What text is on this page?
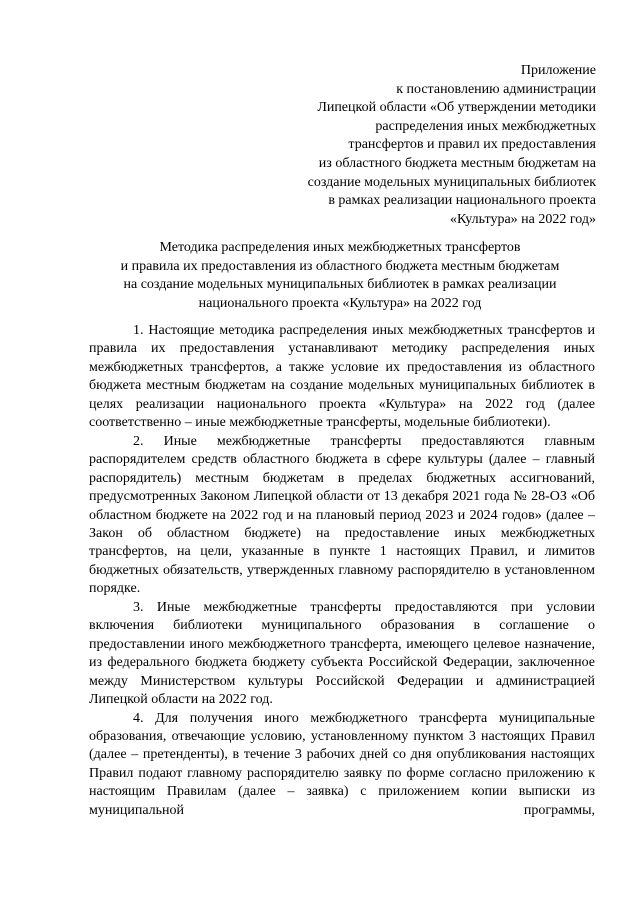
Приложение
к постановлению администрации
Липецкой области «Об утверждении методики
распределения иных межбюджетных
трансфертов и правил их предоставления
из областного бюджета местным бюджетам на
создание модельных муниципальных библиотек
в рамках реализации национального проекта
«Культура» на 2022 год»
Методика распределения иных межбюджетных трансфертов
и правила их предоставления из областного бюджета местным бюджетам
на создание модельных муниципальных библиотек в рамках реализации
национального проекта «Культура» на 2022 год

1. Настоящие методика распределения иных межбюджетных трансфертов и правила их предоставления устанавливают методику распределения иных межбюджетных трансфертов, а также условие их предоставления из областного бюджета местным бюджетам на создание модельных муниципальных библиотек в целях реализации национального проекта «Культура» на 2022 год (далее соответственно – иные межбюджетные трансферты, модельные библиотеки).

2. Иные межбюджетные трансферты предоставляются главным распорядителем средств областного бюджета в сфере культуры (далее – главный распорядитель) местным бюджетам в пределах бюджетных ассигнований, предусмотренных Законом Липецкой области от 13 декабря 2021 года № 28-ОЗ «Об областном бюджете на 2022 год и на плановый период 2023 и 2024 годов» (далее – Закон об областном бюджете) на предоставление иных межбюджетных трансфертов, на цели, указанные в пункте 1 настоящих Правил, и лимитов бюджетных обязательств, утвержденных главному распорядителю в установленном порядке.

3. Иные межбюджетные трансферты предоставляются при условии включения библиотеки муниципального образования в соглашение о предоставлении иного межбюджетного трансферта, имеющего целевое назначение, из федерального бюджета бюджету субъекта Российской Федерации, заключенное между Министерством культуры Российской Федерации и администрацией Липецкой области на 2022 год.

4. Для получения иного межбюджетного трансферта муниципальные образования, отвечающие условию, установленному пунктом 3 настоящих Правил (далее – претенденты), в течение 3 рабочих дней со дня опубликования настоящих Правил подают главному распорядителю заявку по форме согласно приложению к настоящим Правилам (далее – заявка) с приложением копии выписки из муниципальной программы,
